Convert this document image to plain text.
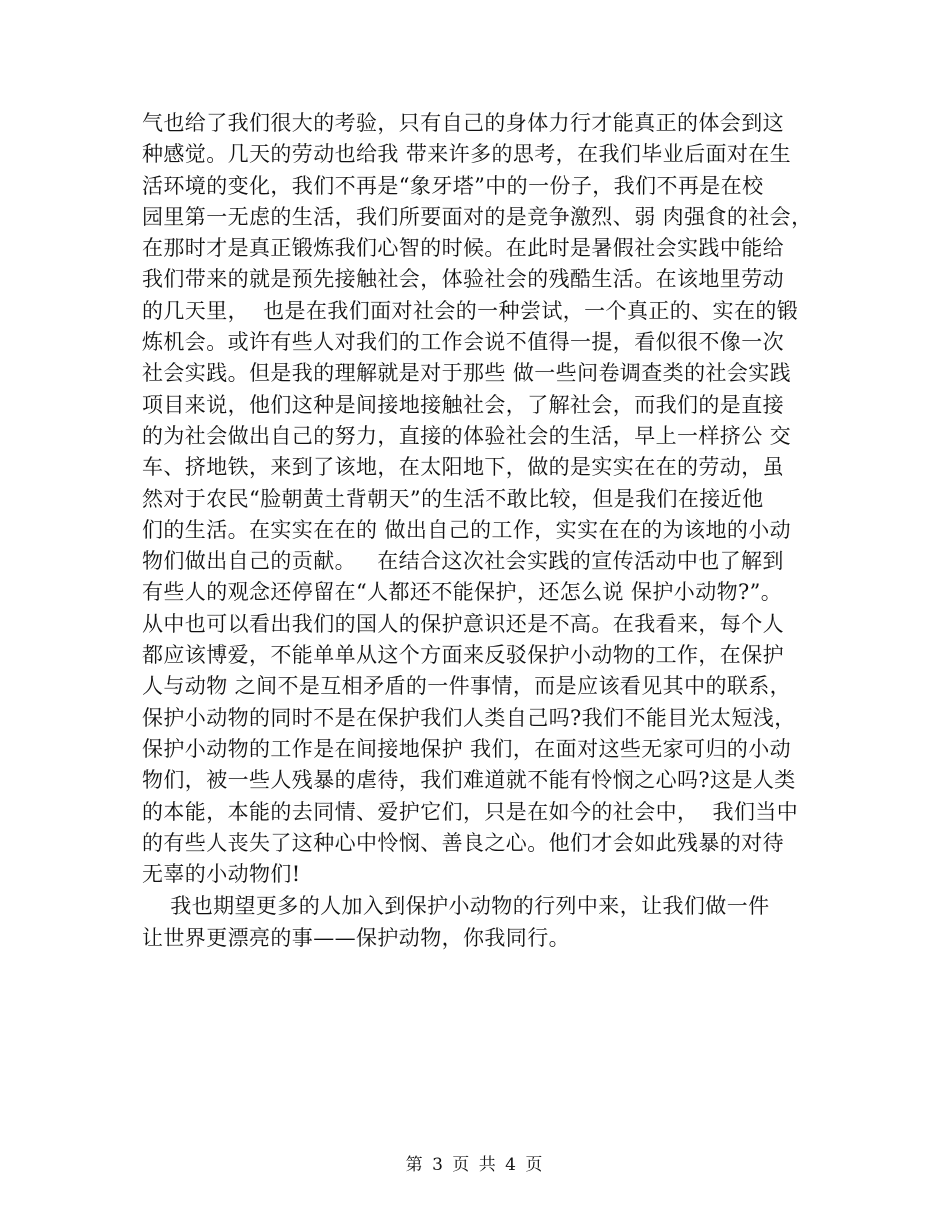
气也给了我们很大的考验，只有自己的身体力行才能真正的体会到这
种感觉。几天的劳动也给我 带来许多的思考，在我们毕业后面对在生
活环境的变化，我们不再是“象牙塔”中的一份子，我们不再是在校
园里第一无虑的生活，我们所要面对的是竞争激烈、弱 肉强食的社会，
在那时才是真正锻炼我们心智的时候。在此时是暑假社会实践中能给
我们带来的就是预先接触社会，体验社会的残酷生活。在该地里劳动
的几天里，  也是在我们面对社会的一种尝试，一个真正的、实在的锻
炼机会。或许有些人对我们的工作会说不值得一提，看似很不像一次
社会实践。但是我的理解就是对于那些 做一些问卷调查类的社会实践
项目来说，他们这种是间接地接触社会，了解社会，而我们的是直接
的为社会做出自己的努力，直接的体验社会的生活，早上一样挤公 交
车、挤地铁，来到了该地，在太阳地下，做的是实实在在的劳动，虽
然对于农民“脸朝黄土背朝天”的生活不敢比较，但是我们在接近他
们的生活。在实实在在的 做出自己的工作，实实在在的为该地的小动
物们做出自己的贡献。   在结合这次社会实践的宣传活动中也了解到
有些人的观念还停留在“人都还不能保护，还怎么说 保护小动物?”。
从中也可以看出我们的国人的保护意识还是不高。在我看来，每个人
都应该博爱，不能单单从这个方面来反驳保护小动物的工作，在保护
人与动物 之间不是互相矛盾的一件事情，而是应该看见其中的联系，
保护小动物的同时不是在保护我们人类自己吗?我们不能目光太短浅，
保护小动物的工作是在间接地保护 我们，在面对这些无家可归的小动
物们，被一些人残暴的虐待，我们难道就不能有怜悯之心吗?这是人类
的本能，本能的去同情、爱护它们，只是在如今的社会中，  我们当中
的有些人丧失了这种心中怜悯、善良之心。他们才会如此残暴的对待
无辜的小动物们!
我也期望更多的人加入到保护小动物的行列中来，让我们做一件
让世界更漂亮的事——保护动物，你我同行。
第 3 页 共 4 页
